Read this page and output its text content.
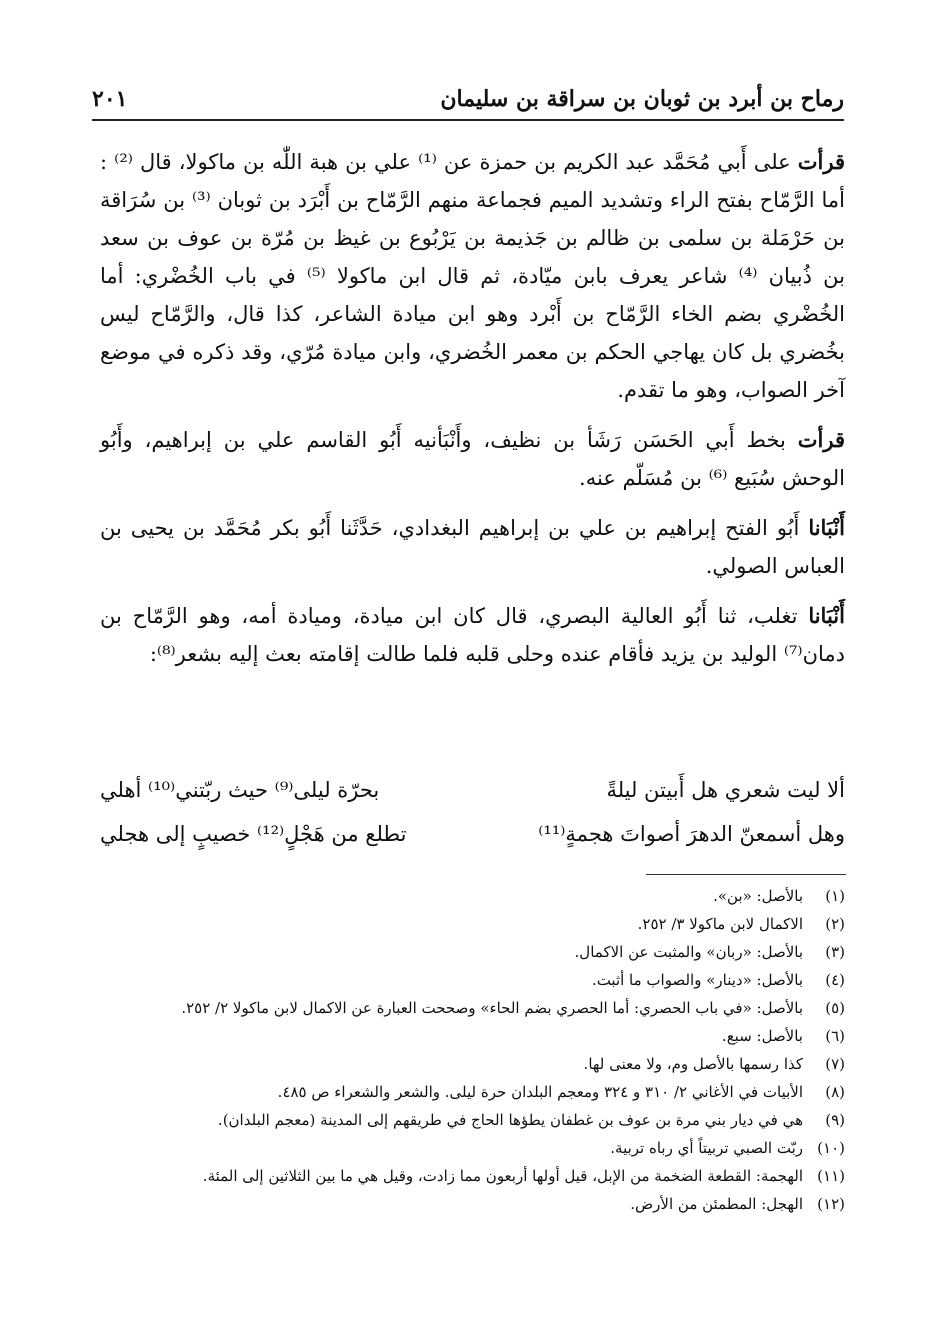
رماح بن أبرد بن ثوبان بن سراقة بن سليمان
٢٠١

قرأت على أَبي مُحَمَّد عبد الكريم بن حمزة عن ⁽¹⁾ علي بن هبة اللّٰه بن ماكولا، قال ⁽²⁾ : أما الرَّمّاح بفتح الراء وتشديد الميم فجماعة منهم الرَّمّاح بن أَبْرَد بن ثوبان ⁽³⁾ بن سُرَاقة بن حَرْمَلة بن سلمى بن ظالم بن جَذيمة بن يَرْبُوع بن غيظ بن مُرّة بن عوف بن سعد بن ذُبيان ⁽⁴⁾ شاعر يعرف بابن ميّادة، ثم قال ابن ماكولا ⁽⁵⁾ في باب الخُضْري: أما الخُضْري بضم الخاء الرَّمّاح بن أَبْرد وهو ابن ميادة الشاعر، كذا قال، والرَّمّاح ليس بخُضري بل كان يهاجي الحكم بن معمر الخُضري، وابن ميادة مُرّي، وقد ذكره في موضع آخر الصواب، وهو ما تقدم.

قرأت بخط أَبي الحَسَن رَشَأ بن نظيف، وأَنْبَأنيه أَبُو القاسم علي بن إبراهيم، وأَبُو الوحش سُبَيع ⁽⁶⁾ بن مُسَلّم عنه.

أَنْبَانا أَبُو الفتح إبراهيم بن علي بن إبراهيم البغدادي، حَدَّثَنا أَبُو بكر مُحَمَّد بن يحيى بن العباس الصولي.

أَنْبَانا تغلب، ثنا أَبُو العالية البصري، قال كان ابن ميادة، وميادة أمه، وهو الرَّمّاح بن دمان⁽⁷⁾ الوليد بن يزيد فأقام عنده وحلى قلبه فلما طالت إقامته بعث إليه بشعر⁽⁸⁾:

ألا ليت شعري هل أَبيتن ليلةً
بحرّة ليلى⁽⁹⁾ حيث ربّتني⁽¹⁰⁾ أهلي
وهل أسمعنّ الدهرَ أصواتَ هجمةٍ⁽¹¹⁾
تطلع من هَجْلٍ⁽¹²⁾ خصيبٍ إلى هجلي
(١)
بالأصل: «بن».
(٢)
الاكمال لابن ماكولا ٣/ ٢٥٢.
(٣)
بالأصل: «ربان» والمثبت عن الاكمال.
(٤)
بالأصل: «دينار» والصواب ما أثبت.
(٥)
بالأصل: «في باب الحصري: أما الحصري بضم الحاء» وصححت العبارة عن الاكمال لابن ماكولا ٢/ ٢٥٢.
(٦)
بالأصل: سبع.
(٧)
كذا رسمها بالأصل وم، ولا معنى لها.
(٨)
الأبيات في الأغاني ٢/ ٣١٠ و ٣٢٤ ومعجم البلدان حرة ليلى. والشعر والشعراء ص ٤٨٥.
(٩)
هي في ديار بني مرة بن عوف بن غطفان يطؤها الحاج في طريقهم إلى المدينة (معجم البلدان).
(١٠)
ربّت الصبي تربيتاً أي رباه تربية.
(١١)
الهجمة: القطعة الضخمة من الإبل، قيل أولها أربعون مما زادت، وقيل هي ما بين الثلاثين إلى المئة.
(١٢)
الهجل: المطمئن من الأرض.
